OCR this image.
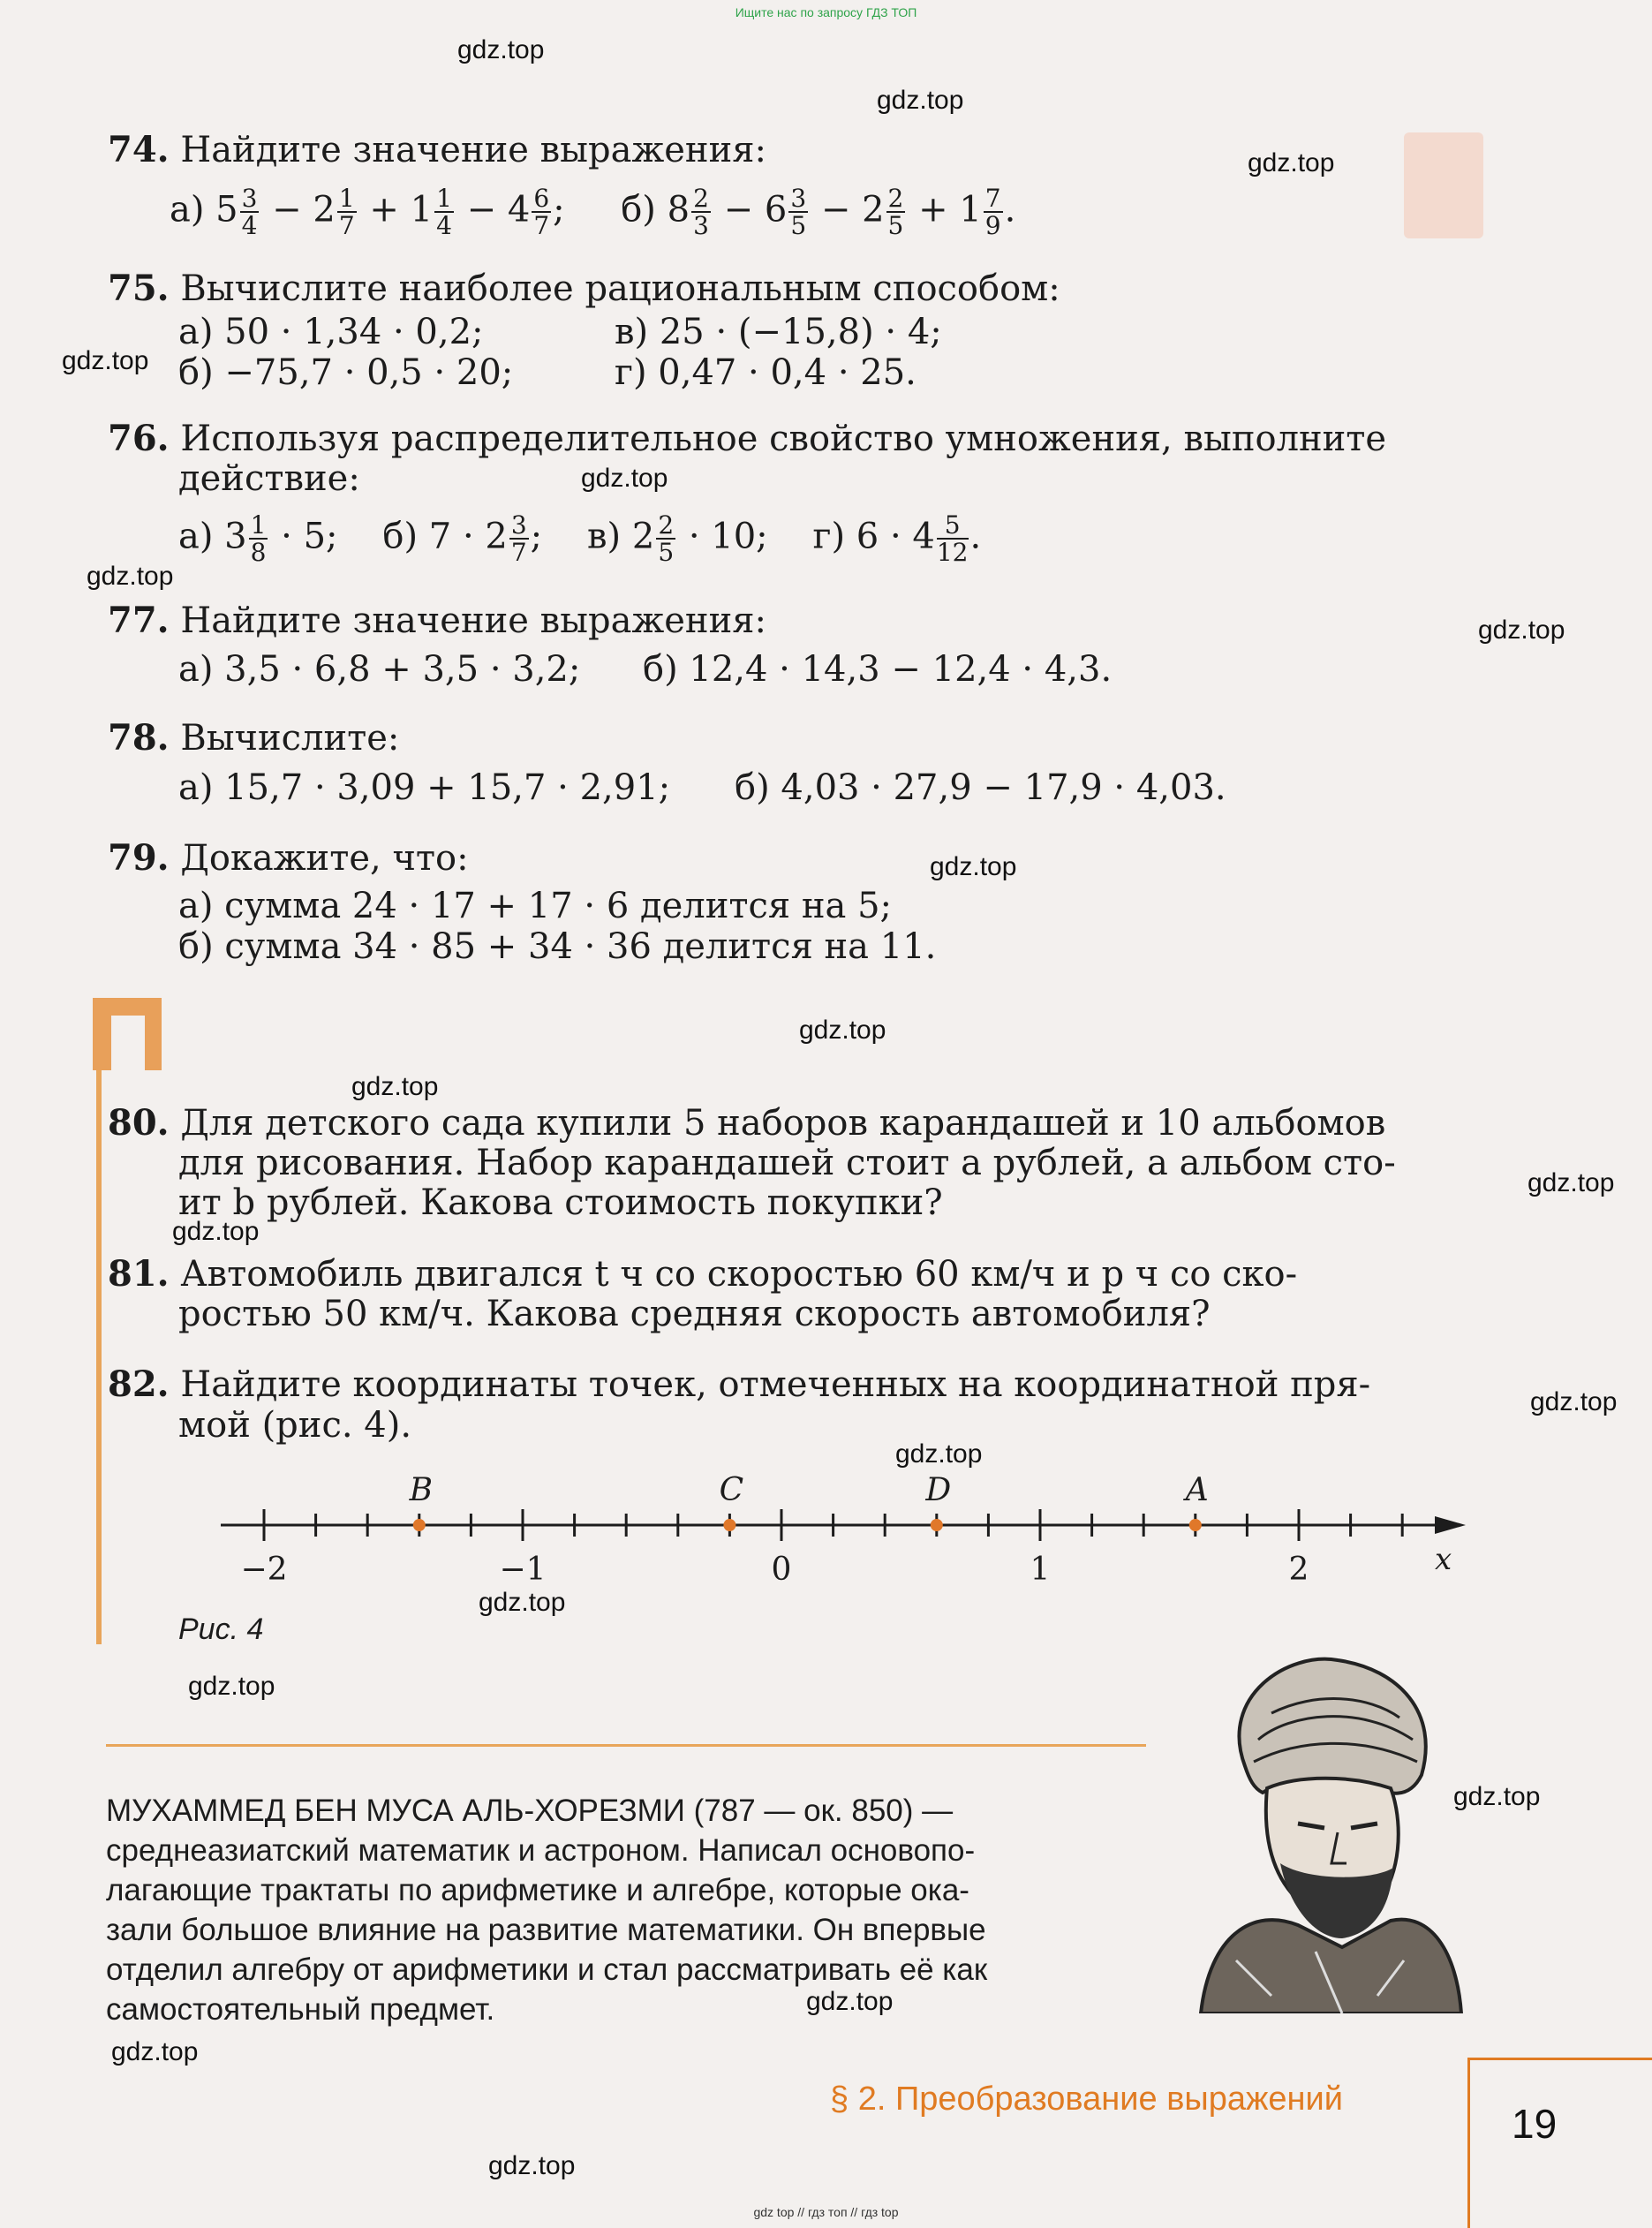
Ищите нас по запросу ГДЗ ТОП
gdz.top
gdz.top
gdz.top
gdz.top
gdz.top
gdz.top
gdz.top
gdz.top
gdz.top
gdz.top
gdz.top
gdz.top
gdz.top
gdz.top
gdz.top
gdz.top
gdz.top
gdz.top
gdz.top
gdz.top
74. Найдите значение выражения:
а) $5 \frac{3}{4} - 2 \frac{1}{7} + 1 \frac{1}{4} - 4 \frac{6}{7}$ ;     б) $8 \frac{2}{3} - 6 \frac{3}{5} - 2 \frac{2}{5} + 1 \frac{7}{9}$ .
75. Вычислите наиболее рациональным способом:
а) 50 · 1,34 · 0,2;	в) 25 · (−15,8) · 4;
б) −75,7 · 0,5 · 20;	г) 0,47 · 0,4 · 25.
76. Используя распределительное свойство умножения, выполните
действие:
а) $3 \frac{1}{8} \cdot 5$;    б) $7 \cdot 2 \frac{3}{7}$ ;    в) $2 \frac{2}{5} \cdot 10$;    г) $6 \cdot 4 \frac{5}{12}$ .
77. Найдите значение выражения:
а) 3,5 · 6,8 + 3,5 · 3,2; б) 12,4 · 14,3 − 12,4 · 4,3.
78. Вычислите:
а) 15,7 · 3,09 + 15,7 · 2,91; б) 4,03 · 27,9 − 17,9 · 4,03.
79. Докажите, что:
а) сумма 24 · 17 + 17 · 6 делится на 5;
б) сумма 34 · 85 + 34 · 36 делится на 11.
80. Для детского сада купили 5 наборов карандашей и 10 альбомов
для рисования. Набор карандашей стоит a рублей, а альбом сто-
ит b рублей. Какова стоимость покупки?
81. Автомобиль двигался t ч со скоростью 60 км/ч и p ч со ско-
ростью 50 км/ч. Какова средняя скорость автомобиля?
82. Найдите координаты точек, отмеченных на координатной пря-
мой (рис. 4).
−2	−1	0	1	2
B	C	D	A
x
Рис. 4
МУХАММЕД БЕН МУСА АЛЬ-ХОРЕЗМИ (787 — ок. 850) —
среднеазиатский математик и астроном. Написал основопо-
лагающие трактаты по арифметике и алгебре, которые ока-
зали большое влияние на развитие математики. Он впервые
отделил алгебру от арифметики и стал рассматривать её как
самостоятельный предмет.
§ 2. Преобразование выражений
19
gdz top // гдз топ // гдз top
